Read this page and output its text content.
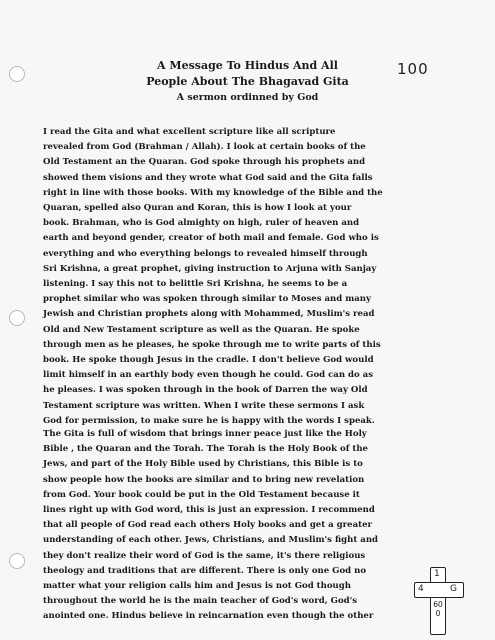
A Message To Hindus And All
People About The Bhagavad Gita
A sermon ordinned by God
100

I read the Gita and what excellent scripture like all scripture
revealed from God (Brahman / Allah). I look at certain books of the
Old Testament an the Quaran. God spoke through his prophets and
showed them visions and they wrote what God said and the Gita falls
right in line with those books. With my knowledge of the Bible and the
Quaran, spelled also Quran and Koran, this is how I look at your
book. Brahman, who is God almighty on high, ruler of heaven and
earth and beyond gender, creator of both mail and female. God who is
everything and who everything belongs to revealed himself through
Sri Krishna, a great prophet, giving instruction to Arjuna with Sanjay
listening. I say this not to belittle Sri Krishna, he seems to be a
prophet similar who was spoken through similar to Moses and many
Jewish and Christian prophets along with Mohammed, Muslim's read
Old and New Testament scripture as well as the Quaran. He spoke
through men as he pleases, he spoke through me to write parts of this
book. He spoke though Jesus in the cradle. I don't believe God would
limit himself in an earthly body even though he could. God can do as
he pleases. I was spoken through in the book of Darren the way Old
Testament scripture was written. When I write these sermons I ask
God for permission, to make sure he is happy with the words I speak.

The Gita is full of wisdom that brings inner peace just like the Holy
Bible , the Quaran and the Torah. The Torah is the Holy Book of the
Jews, and part of the Holy Bible used by Christians, this Bible is to
show people how the books are similar and to bring new revelation
from God. Your book could be put in the Old Testament because it
lines right up with God word, this is just an expression. I recommend
that all people of God read each others Holy books and get a greater
understanding of each other. Jews, Christians, and Muslim's fight and
they don't realize their word of God is the same, it's there religious
theology and traditions that are different. There is only one God no
matter what your religion calls him and Jesus is not God though
throughout the world he is the main teacher of God's word, God's
anointed one. Hindus believe in reincarnation even though the other

1
4	G
600
